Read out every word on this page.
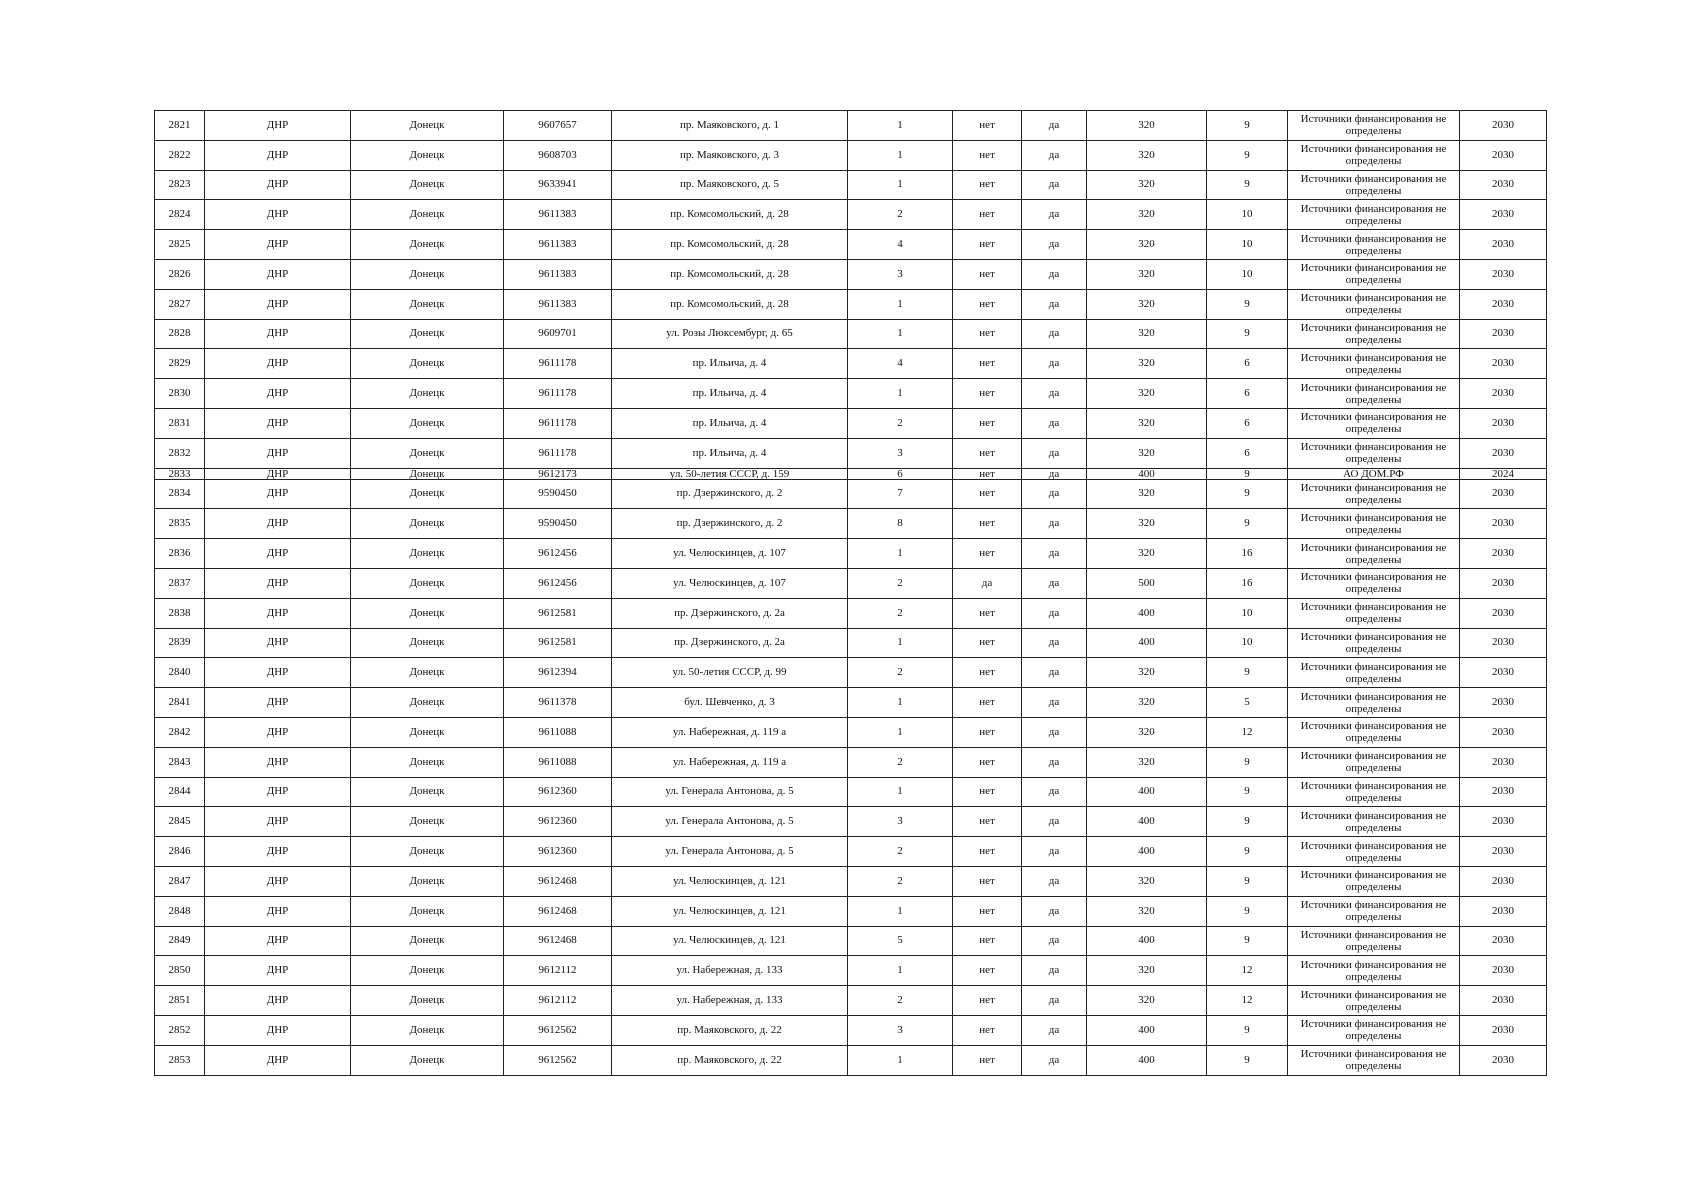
2821	ДНР	Донецк	9607657	пр. Маяковского, д. 1	1	нет	да	320	9	Источники финансирования не определены	2030
2822	ДНР	Донецк	9608703	пр. Маяковского, д. 3	1	нет	да	320	9	Источники финансирования не определены	2030
2823	ДНР	Донецк	9633941	пр. Маяковского, д. 5	1	нет	да	320	9	Источники финансирования не определены	2030
2824	ДНР	Донецк	9611383	пр. Комсомольский, д. 28	2	нет	да	320	10	Источники финансирования не определены	2030
2825	ДНР	Донецк	9611383	пр. Комсомольский, д. 28	4	нет	да	320	10	Источники финансирования не определены	2030
2826	ДНР	Донецк	9611383	пр. Комсомольский, д. 28	3	нет	да	320	10	Источники финансирования не определены	2030
2827	ДНР	Донецк	9611383	пр. Комсомольский, д. 28	1	нет	да	320	9	Источники финансирования не определены	2030
2828	ДНР	Донецк	9609701	ул. Розы Люксембург, д. 65	1	нет	да	320	9	Источники финансирования не определены	2030
2829	ДНР	Донецк	9611178	пр. Ильича, д. 4	4	нет	да	320	6	Источники финансирования не определены	2030
2830	ДНР	Донецк	9611178	пр. Ильича, д. 4	1	нет	да	320	6	Источники финансирования не определены	2030
2831	ДНР	Донецк	9611178	пр. Ильича, д. 4	2	нет	да	320	6	Источники финансирования не определены	2030
2832	ДНР	Донецк	9611178	пр. Ильича, д. 4	3	нет	да	320	6	Источники финансирования не определены	2030
2833	ДНР	Донецк	9612173	ул. 50-летия СССР, д. 159	6	нет	да	400	9	АО ДОМ.РФ	2024
2834	ДНР	Донецк	9590450	пр. Дзержинского, д. 2	7	нет	да	320	9	Источники финансирования не определены	2030
2835	ДНР	Донецк	9590450	пр. Дзержинского, д. 2	8	нет	да	320	9	Источники финансирования не определены	2030
2836	ДНР	Донецк	9612456	ул. Челюскинцев, д. 107	1	нет	да	320	16	Источники финансирования не определены	2030
2837	ДНР	Донецк	9612456	ул. Челюскинцев, д. 107	2	да	да	500	16	Источники финансирования не определены	2030
2838	ДНР	Донецк	9612581	пр. Дзержинского, д. 2а	2	нет	да	400	10	Источники финансирования не определены	2030
2839	ДНР	Донецк	9612581	пр. Дзержинского, д. 2а	1	нет	да	400	10	Источники финансирования не определены	2030
2840	ДНР	Донецк	9612394	ул. 50-летия СССР, д. 99	2	нет	да	320	9	Источники финансирования не определены	2030
2841	ДНР	Донецк	9611378	бул. Шевченко, д. 3	1	нет	да	320	5	Источники финансирования не определены	2030
2842	ДНР	Донецк	9611088	ул. Набережная, д. 119 а	1	нет	да	320	12	Источники финансирования не определены	2030
2843	ДНР	Донецк	9611088	ул. Набережная, д. 119 а	2	нет	да	320	9	Источники финансирования не определены	2030
2844	ДНР	Донецк	9612360	ул. Генерала Антонова, д. 5	1	нет	да	400	9	Источники финансирования не определены	2030
2845	ДНР	Донецк	9612360	ул. Генерала Антонова, д. 5	3	нет	да	400	9	Источники финансирования не определены	2030
2846	ДНР	Донецк	9612360	ул. Генерала Антонова, д. 5	2	нет	да	400	9	Источники финансирования не определены	2030
2847	ДНР	Донецк	9612468	ул. Челюскинцев, д. 121	2	нет	да	320	9	Источники финансирования не определены	2030
2848	ДНР	Донецк	9612468	ул. Челюскинцев, д. 121	1	нет	да	320	9	Источники финансирования не определены	2030
2849	ДНР	Донецк	9612468	ул. Челюскинцев, д. 121	5	нет	да	400	9	Источники финансирования не определены	2030
2850	ДНР	Донецк	9612112	ул. Набережная, д. 133	1	нет	да	320	12	Источники финансирования не определены	2030
2851	ДНР	Донецк	9612112	ул. Набережная, д. 133	2	нет	да	320	12	Источники финансирования не определены	2030
2852	ДНР	Донецк	9612562	пр. Маяковского, д. 22	3	нет	да	400	9	Источники финансирования не определены	2030
2853	ДНР	Донецк	9612562	пр. Маяковского, д. 22	1	нет	да	400	9	Источники финансирования не определены	2030
